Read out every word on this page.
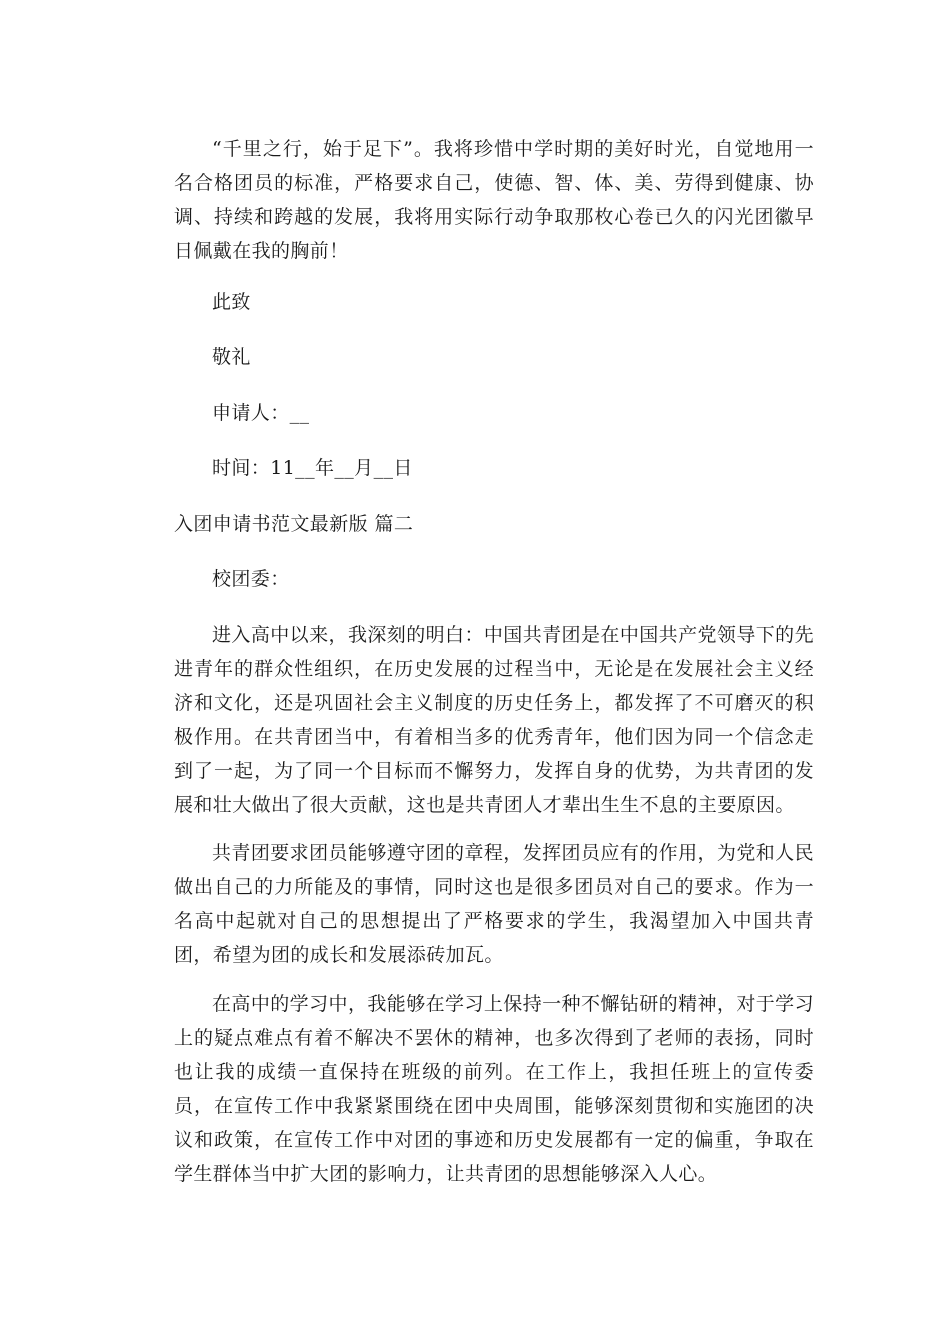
“千里之行，始于足下”。我将珍惜中学时期的美好时光，自觉地用一名合格团员的标准，严格要求自己，使德、智、体、美、劳得到健康、协调、持续和跨越的发展，我将用实际行动争取那枚心卷已久的闪光团徽早日佩戴在我的胸前！

此致

敬礼

申请人：__

时间：11__年__月__日

入团申请书范文最新版 篇二

校团委：

进入高中以来，我深刻的明白：中国共青团是在中国共产党领导下的先进青年的群众性组织，在历史发展的过程当中，无论是在发展社会主义经济和文化，还是巩固社会主义制度的历史任务上，都发挥了不可磨灭的积极作用。在共青团当中，有着相当多的优秀青年，他们因为同一个信念走到了一起，为了同一个目标而不懈努力，发挥自身的优势，为共青团的发展和壮大做出了很大贡献，这也是共青团人才辈出生生不息的主要原因。

共青团要求团员能够遵守团的章程，发挥团员应有的作用，为党和人民做出自己的力所能及的事情，同时这也是很多团员对自己的要求。作为一名高中起就对自己的思想提出了严格要求的学生，我渴望加入中国共青团，希望为团的成长和发展添砖加瓦。

在高中的学习中，我能够在学习上保持一种不懈钻研的精神，对于学习上的疑点难点有着不解决不罢休的精神，也多次得到了老师的表扬，同时也让我的成绩一直保持在班级的前列。在工作上，我担任班上的宣传委员，在宣传工作中我紧紧围绕在团中央周围，能够深刻贯彻和实施团的决议和政策，在宣传工作中对团的事迹和历史发展都有一定的偏重，争取在学生群体当中扩大团的影响力，让共青团的思想能够深入人心。
